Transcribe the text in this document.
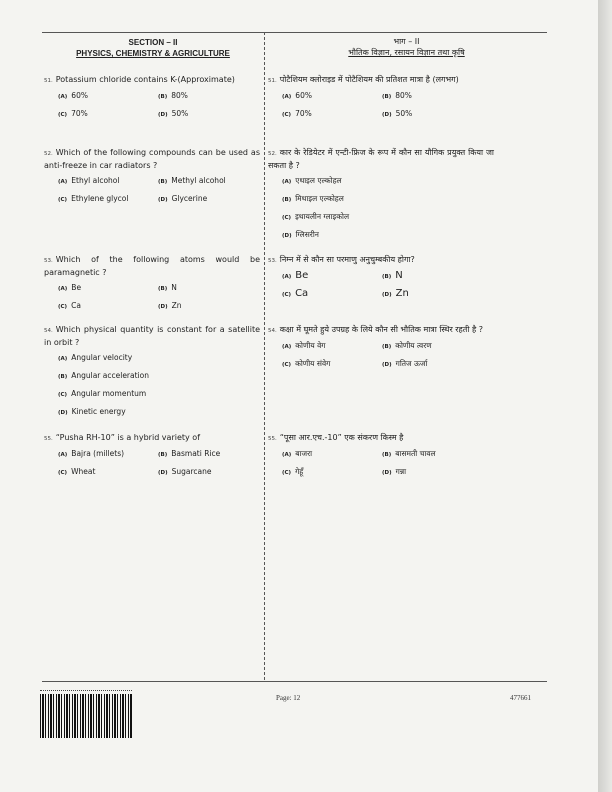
SECTION – II
PHYSICS, CHEMISTRY & AGRICULTURE
भाग – II
भौतिक विज्ञान, रसायन विज्ञान तथा कृषि
51. Potassium chloride contains K-(Approximate)
(A) 60%	(B) 80%
(C) 70%	(D) 50%
51. पोटैशियम क्लोराइड में पोटैशियम की प्रतिशत मात्रा है (लगभग)
(A) 60%	(B) 80%
(C) 70%	(D) 50%
52. Which of the following compounds can be used as anti-freeze in car radiators ?
(A) Ethyl alcohol	(B) Methyl alcohol
(C) Ethylene glycol	(D) Glycerine
52. कार के रेडियेटर में एन्टी-फ्रिज के रूप में कौन सा यौगिक प्रयुक्त किया जा सकता है ?
(A) एथाइल एल्कोहल
(B) मिथाइल एल्कोहल
(C) इथायलीन ग्लाइकोल
(D) ग्लिसरीन
53. Which of the following atoms would be paramagnetic ?
(A) Be	(B) N
(C) Ca	(D) Zn
53. निम्न में से कौन सा परमाणु अनुचुम्बकीय होगा?
(A) Be	(B) N
(C) Ca	(D) Zn
54. Which physical quantity is constant for a satellite in orbit ?
(A) Angular velocity
(B) Angular acceleration
(C) Angular momentum
(D) Kinetic energy
54. कक्षा में घूमते हुये उपग्रह के लिये कौन सी भौतिक मात्रा स्थिर रहती है ?
(A) कोणीय वेग	(B) कोणीय त्वरण
(C) कोणीय संवेग	(D) गतिज ऊर्जा
55. “Pusha RH-10” is a hybrid variety of
(A) Bajra (millets)	(B) Basmati Rice
(C) Wheat	(D) Sugarcane
55. “पूसा आर.एच.-10” एक संकरण किस्म है
(A) बाजरा	(B) बासमती चावल
(C) गेहूँ	(D) गन्ना
Page: 12	477661
